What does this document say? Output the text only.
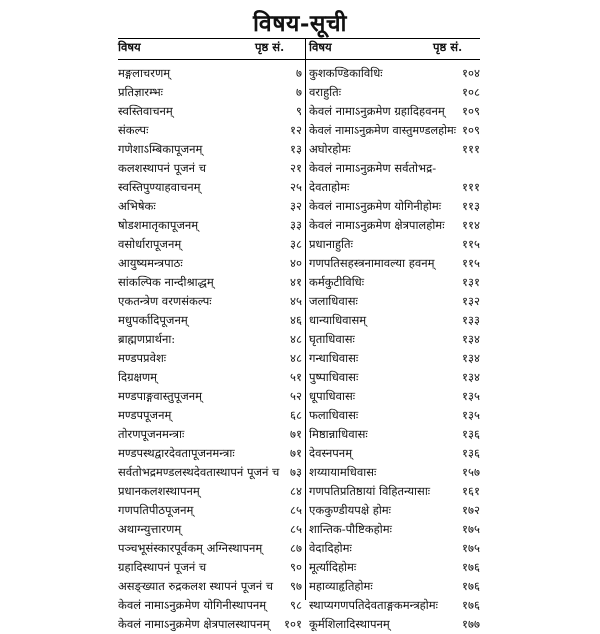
विषय-सूची
विषय	पृष्ठ सं. विषय	पृष्ठ सं.
मङ्गलाचरणम्	७
प्रतिज्ञारम्भः	७
स्वस्तिवाचनम्	९
संकल्पः	१२
गणेशाऽम्बिकापूजनम्	१३
कलशस्थापनं पूजनं च	२१
स्वस्तिपुण्याहवाचनम्	२५
अभिषेकः	३२
षोडशमातृकापूजनम्	३३
वसोर्धारापूजनम्	३८
आयुष्यमन्त्रपाठः	४०
सांकल्पिक नान्दीश्राद्धम्	४१
एकतन्त्रेण वरणसंकल्पः	४५
मधुपर्कादिपूजनम्	४६
ब्राह्मणप्रार्थना:	४८
मण्डपप्रवेशः	४८
दिग्रक्षणम्	५१
मण्डपाङ्गवास्तुपूजनम्	५२
मण्डपपूजनम्	६८
तोरणपूजनमन्त्राः	७१
मण्डपस्थद्वारदेवतापूजनमन्त्राः	७१
सर्वतोभद्रमण्डलस्थदेवतास्थापनं पूजनं च ७३
प्रधानकलशस्थापनम्	८४
गणपतिपीठपूजनम्	८५
अथाग्न्युत्तारणम्	८५
पञ्चभूसंस्कारपूर्वकम् अग्निस्थापनम् ८७
ग्रहादिस्थापनं पूजनं च	९०
असङ्ख्यात रुद्रकलश स्थापनं पूजनं च ९७
केवलं नामाऽनुक्रमेण योगिनीस्थापनम् ९८
केवलं नामाऽनुक्रमेण क्षेत्रपालस्थापनम् १०१
कुशकण्डिकाविधिः	१०४
वराहुतिः	१०८
केवलं नामाऽनुक्रमेण ग्रहादिहवनम् १०९
केवलं नामाऽनुक्रमेण वास्तुमण्डलहोमः १०९
अघोरहोमः	१११
केवलं नामाऽनुक्रमेण सर्वतोभद्र-
देवताहोमः	१११
केवलं नामाऽनुक्रमेण योगिनीहोमः ११३
केवलं नामाऽनुक्रमेण क्षेत्रपालहोमः ११४
प्रधानाहुतिः	११५
गणपतिसहस्त्रनामावल्या हवनम् ११५
कर्मकुटीविधिः	१३१
जलाधिवासः	१३२
धान्याधिवासम्	१३३
घृताधिवासः	१३४
गन्धाधिवासः	१३४
पुष्पाधिवासः	१३४
धूपाधिवासः	१३५
फलाधिवासः	१३५
मिष्ठान्नाधिवासः	१३६
देवस्नपनम्	१३६
शय्यायामधिवासः	१५७
गणपतिप्रतिष्ठायां विहितन्यासाः	१६१
एककुण्डीयपक्षे होमः	१७२
शान्तिक-पौष्टिकहोमः	१७५
वेदादिहोमः	१७५
मूर्त्यादिहोमः	१७६
महाव्याहृतिहोमः	१७६
स्थाप्यगणपतिदेवताङ्गकमन्त्रहोमः १७६
कूर्मशिलादिस्थापनम्	१७७
